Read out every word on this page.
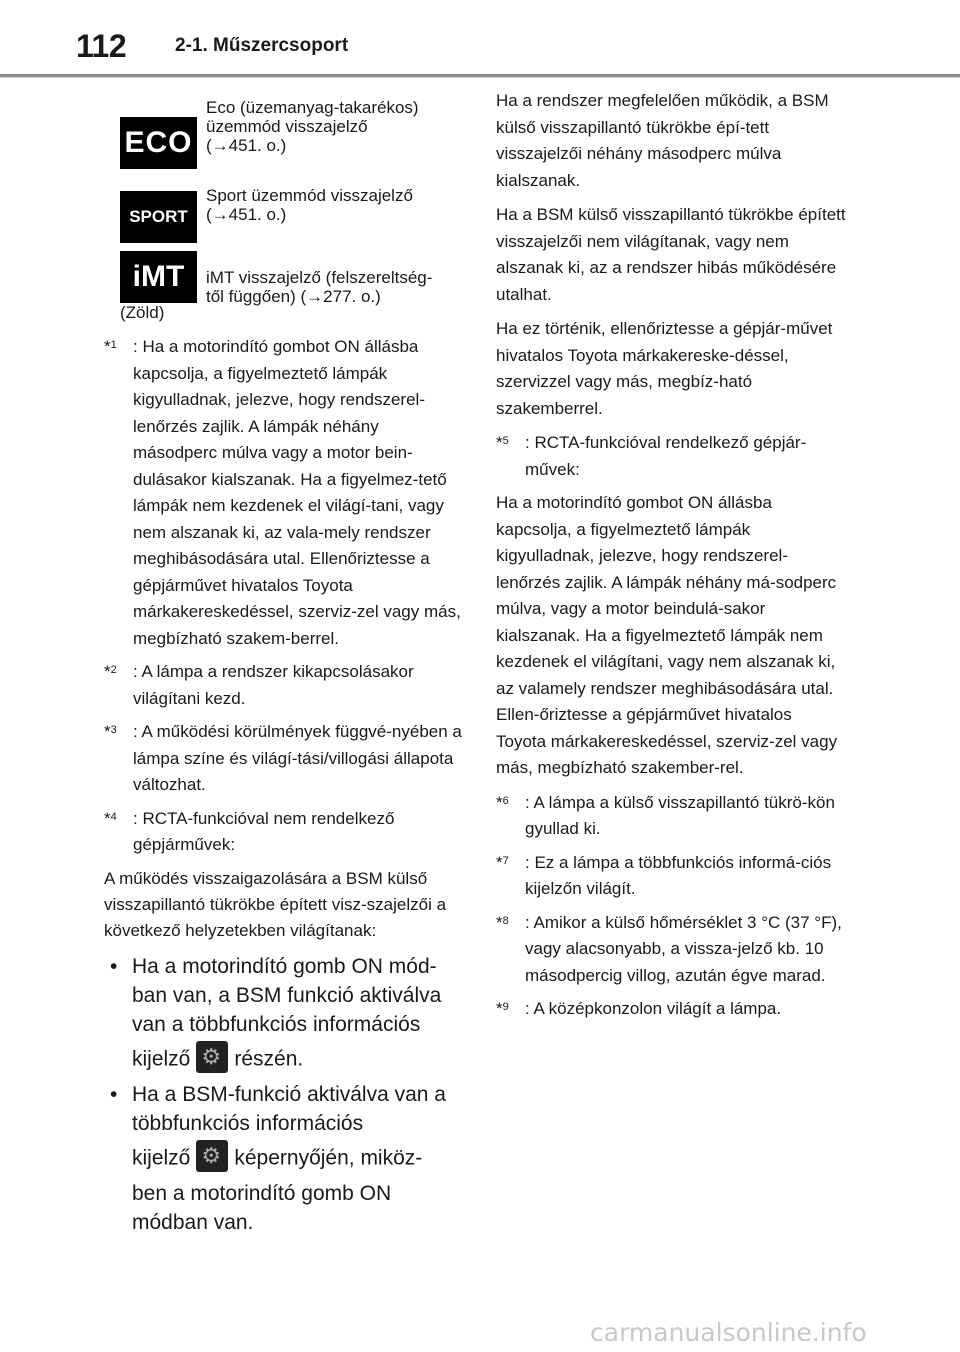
112	2-1. Műszercsoport
ECO
Eco (üzemanyag-takarékos)
üzemmód visszajelző
(→451. o.)
SPORT
Sport üzemmód visszajelző
(→451. o.)
iMT iMT visszajelző (felszereltség-
től függően) (→277. o.)
(Zöld)
*$^1$ : Ha a motorindító gombot ON állásba kapcsolja, a figyelmeztető lámpák kigyulladnak, jelezve, hogy rendszerel-lenőrzés zajlik. A lámpák néhány másodperc múlva vagy a motor bein-dulásakor kialszanak. Ha a figyelmez-tető lámpák nem kezdenek el világí-tani, vagy nem alszanak ki, az vala-mely rendszer meghibásodására utal. Ellenőriztesse a gépjárművet hivatalos Toyota márkakereskedéssel, szerviz-zel vagy más, megbízható szakem-berrel.
*$^2$ : A lámpa a rendszer kikapcsolásakor világítani kezd.
*$^3$ : A működési körülmények függvé-nyében a lámpa színe és világí-tási/villogási állapota változhat.
*$^4$ : RCTA-funkcióval nem rendelkező gépjárművek:
A működés visszaigazolására a BSM külső visszapillantó tükrökbe épített visz-szajelzői a következő helyzetekben világítanak:
• Ha a motorindító gomb ON mód-ban van, a BSM funkció aktiválva van a többfunkciós információs
kijelző ⚙ részén.
• Ha a BSM-funkció aktiválva van a többfunkciós információs
kijelző ⚙ képernyőjén, miköz-
ben a motorindító gomb ON módban van.
Ha a rendszer megfelelően működik, a BSM külső visszapillantó tükrökbe épí-tett visszajelzői néhány másodperc múlva kialszanak.
Ha a BSM külső visszapillantó tükrökbe épített visszajelzői nem világítanak, vagy nem alszanak ki, az a rendszer hibás működésére utalhat.
Ha ez történik, ellenőriztesse a gépjár-művet hivatalos Toyota márkakereske-déssel, szervizzel vagy más, megbíz-ható szakemberrel.
*$^5$ : RCTA-funkcióval rendelkező gépjár-művek:
Ha a motorindító gombot ON állásba kapcsolja, a figyelmeztető lámpák kigyulladnak, jelezve, hogy rendszerel-lenőrzés zajlik. A lámpák néhány má-sodperc múlva, vagy a motor beindulá-sakor kialszanak. Ha a figyelmeztető lámpák nem kezdenek el világítani, vagy nem alszanak ki, az valamely rendszer meghibásodására utal. Ellen-őriztesse a gépjárművet hivatalos Toyota márkakereskedéssel, szerviz-zel vagy más, megbízható szakember-rel.
*$^6$ : A lámpa a külső visszapillantó tükrö-kön gyullad ki.
*$^7$ : Ez a lámpa a többfunkciós informá-ciós kijelzőn világít.
*$^8$ : Amikor a külső hőmérséklet 3 °C (37 °F), vagy alacsonyabb, a vissza-jelző kb. 10 másodpercig villog, azután égve marad.
*$^9$ : A középkonzolon világít a lámpa.
carmanualsonline.info
